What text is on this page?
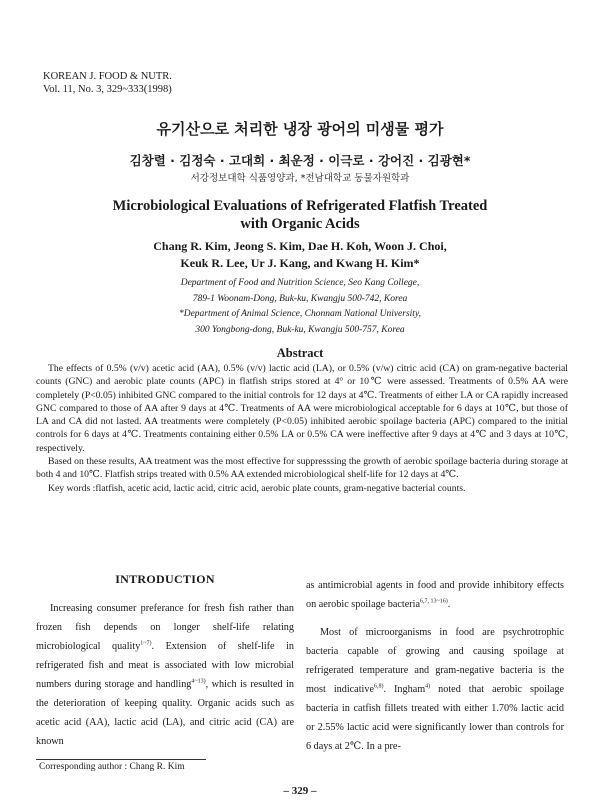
KOREAN J. FOOD & NUTR.
Vol. 11, No. 3, 329~333(1998)
유기산으로 처리한 냉장 광어의 미생물 평가
김창렬 · 김정숙 · 고대희 · 최운정 · 이극로 · 강어진 · 김광현*
서강정보대학 식품영양과, *전남대학교 동물자원학과
Microbiological Evaluations of Refrigerated Flatfish Treated
with Organic Acids
Chang R. Kim, Jeong S. Kim, Dae H. Koh, Woon J. Choi,
Keuk R. Lee, Ur J. Kang, and Kwang H. Kim*
Department of Food and Nutrition Science, Seo Kang College,
789-1 Woonam-Dong, Buk-ku, Kwangju 500-742, Korea
*Department of Animal Science, Chonnam National University,
300 Yongbong-dong, Buk-ku, Kwangju 500-757, Korea
Abstract

The effects of 0.5% (v/v) acetic acid (AA), 0.5% (v/v) lactic acid (LA), or 0.5% (v/w) citric acid (CA) on gram-negative bacterial counts (GNC) and aerobic plate counts (APC) in flatfish strips stored at 4° or 10℃ were assessed. Treatments of 0.5% AA were completely (P<0.05) inhibited GNC compared to the initial controls for 12 days at 4℃. Treatments of either LA or CA rapidly increased GNC compared to those of AA after 9 days at 4℃. Treatments of AA were microbiological acceptable for 6 days at 10℃, but those of LA and CA did not lasted. AA treatments were completely (P<0.05) inhibited aerobic spoilage bacteria (APC) compared to the initial controls for 6 days at 4℃. Treatments containing either 0.5% LA or 0.5% CA were ineffective after 9 days at 4℃ and 3 days at 10℃, respectively.

Based on these results, AA treatment was the most effective for suppresssing the growth of aerobic spoilage bacteria during storage at both 4 and 10℃. Flatfish strips treated with 0.5% AA extended microbiological shelf-life for 12 days at 4℃.

Key words : flatfish, acetic acid, lactic acid, citric acid, aerobic plate counts, gram-negative bacterial counts.
INTRODUCTION

Increasing consumer preferance for fresh fish rather than frozen fish depends on longer shelf-life relating microbiological quality$^{1\sim 7)}$. Extension of shelf-life in refrigerated fish and meat is associated with low microbial numbers during storage and handling$^{4\sim 13)}$, which is resulted in the deterioration of keeping quality. Organic acids such as acetic acid (AA), lactic acid (LA), and citric acid (CA) are known

as antimicrobial agents in food and provide inhibitory effects on aerobic spoilage bacteria$^{6,7, 13\sim 16)}$.

Most of microorganisms in food are psychrotrophic bacteria capable of growing and causing spoilage at refrigerated temperature and gram-negative bacteria is the most indicative$^{6,8)}$. Ingham$^{4)}$ noted that aerobic spoilage bacteria in catfish fillets treated with either 1.70% lactic acid or 2.55% lactic acid were significantly lower than controls for 6 days at 2℃. In a pre-

Corresponding author : Chang R. Kim
– 329 –
